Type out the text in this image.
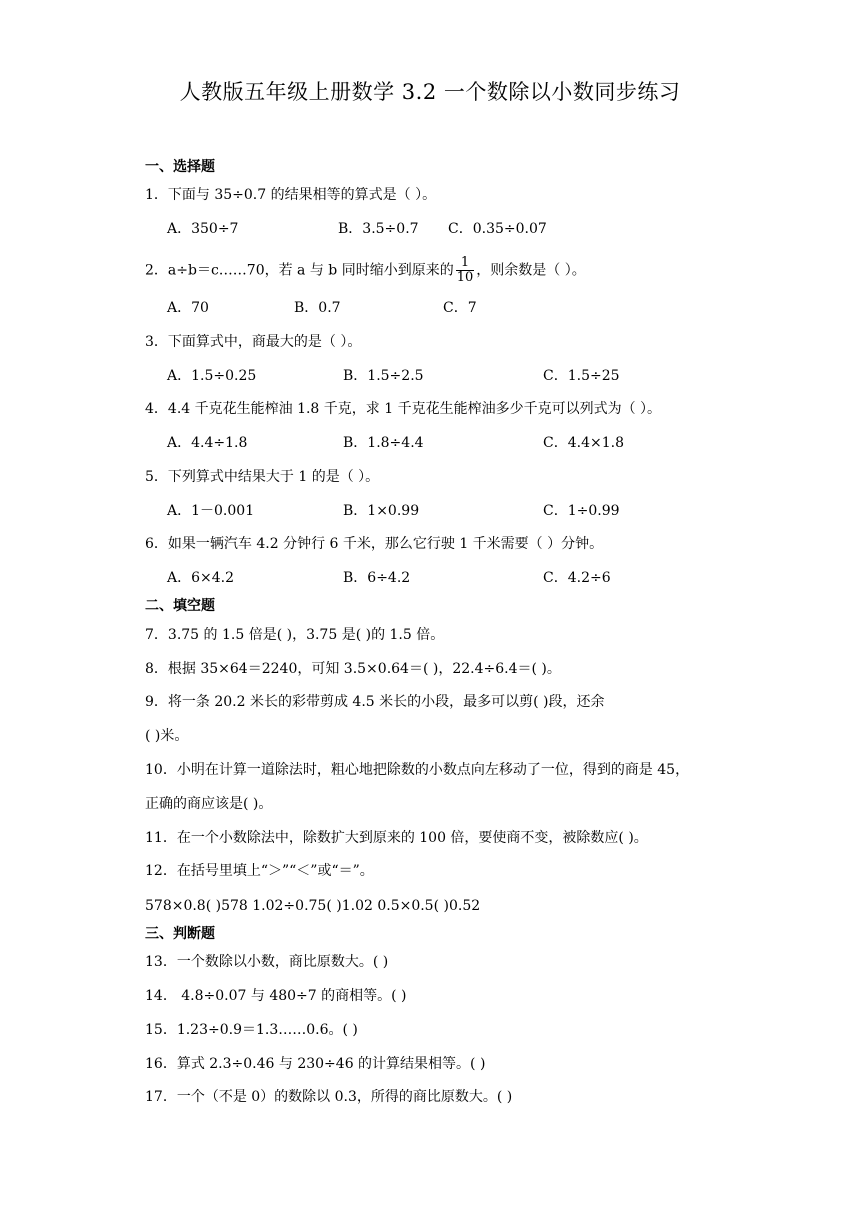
人教版五年级上册数学 3.2 一个数除以小数同步练习
一、选择题
1．下面与 35÷0.7 的结果相等的算式是（ ）。
A．350÷7	B．3.5÷0.7 C．0.35÷0.07
2．a÷b＝c……70，若 a 与 b 同时缩小到原来的 $\frac{1}{10}$ ，则余数是（ ）。
A．70	B．0.7	C．7
3．下面算式中，商最大的是（ ）。
A．1.5÷0.25	B．1.5÷2.5	C．1.5÷25
4．4.4 千克花生能榨油 1.8 千克，求 1 千克花生能榨油多少千克可以列式为（ ）。
A．4.4÷1.8	B．1.8÷4.4	C．4.4×1.8
5．下列算式中结果大于 1 的是（ ）。
A．1－0.001	B．1×0.99	C．1÷0.99
6．如果一辆汽车 4.2 分钟行 6 千米，那么它行驶 1 千米需要（ ）分钟。
A．6×4.2	B．6÷4.2	C．4.2÷6
二、填空题
7．3.75 的 1.5 倍是( )，3.75 是( )的 1.5 倍。
8．根据 35×64＝2240，可知 3.5×0.64＝( )，22.4÷6.4＝( )。
9．将一条 20.2 米长的彩带剪成 4.5 米长的小段，最多可以剪( )段，还余
( )米。
10．小明在计算一道除法时，粗心地把除数的小数点向左移动了一位，得到的商是 45，
正确的商应该是( )。
11．在一个小数除法中，除数扩大到原来的 100 倍，要使商不变，被除数应( )。
12．在括号里填上“＞”“＜”或“＝”。
578×0.8( )578 1.02÷0.75( )1.02 0.5×0.5( )0.52
三、判断题
13．一个数除以小数，商比原数大。( )
14． 4.8÷0.07 与 480÷7 的商相等。( )
15．1.23÷0.9＝1.3……0.6。( )
16．算式 2.3÷0.46 与 230÷46 的计算结果相等。( )
17．一个（不是 0）的数除以 0.3，所得的商比原数大。( )
